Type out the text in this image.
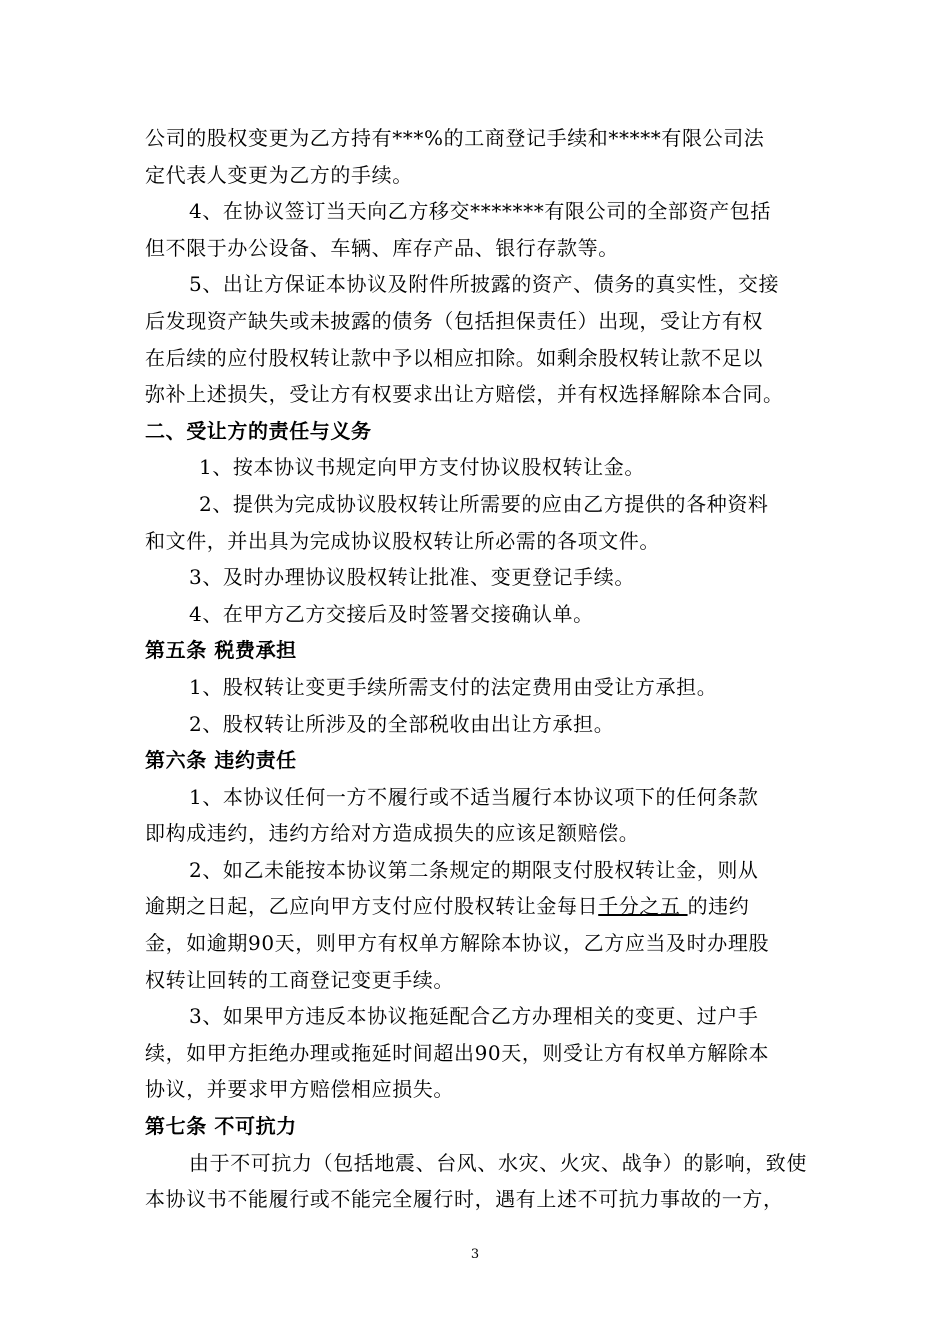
公司的股权变更为乙方持有***%的工商登记手续和*****有限公司法
定代表人变更为乙方的手续。
4、在协议签订当天向乙方移交*******有限公司的全部资产包括
但不限于办公设备、车辆、库存产品、银行存款等。
5、出让方保证本协议及附件所披露的资产、债务的真实性，交接
后发现资产缺失或未披露的债务（包括担保责任）出现，受让方有权
在后续的应付股权转让款中予以相应扣除。如剩余股权转让款不足以
弥补上述损失，受让方有权要求出让方赔偿，并有权选择解除本合同。
二、受让方的责任与义务
1、按本协议书规定向甲方支付协议股权转让金。
2、提供为完成协议股权转让所需要的应由乙方提供的各种资料
和文件，并出具为完成协议股权转让所必需的各项文件。
3、及时办理协议股权转让批准、变更登记手续。
4、在甲方乙方交接后及时签署交接确认单。
第五条 税费承担
1、股权转让变更手续所需支付的法定费用由受让方承担。
2、股权转让所涉及的全部税收由出让方承担。
第六条 违约责任
1、本协议任何一方不履行或不适当履行本协议项下的任何条款
即构成违约，违约方给对方造成损失的应该足额赔偿。
2、如乙未能按本协议第二条规定的期限支付股权转让金，则从
逾期之日起，乙应向甲方支付应付股权转让金每日千分之五 的违约
金，如逾期90天，则甲方有权单方解除本协议，乙方应当及时办理股
权转让回转的工商登记变更手续。
3、如果甲方违反本协议拖延配合乙方办理相关的变更、过户手
续，如甲方拒绝办理或拖延时间超出90天，则受让方有权单方解除本
协议，并要求甲方赔偿相应损失。
第七条 不可抗力
由于不可抗力（包括地震、台风、水灾、火灾、战争）的影响，致使
本协议书不能履行或不能完全履行时，遇有上述不可抗力事故的一方，
3
